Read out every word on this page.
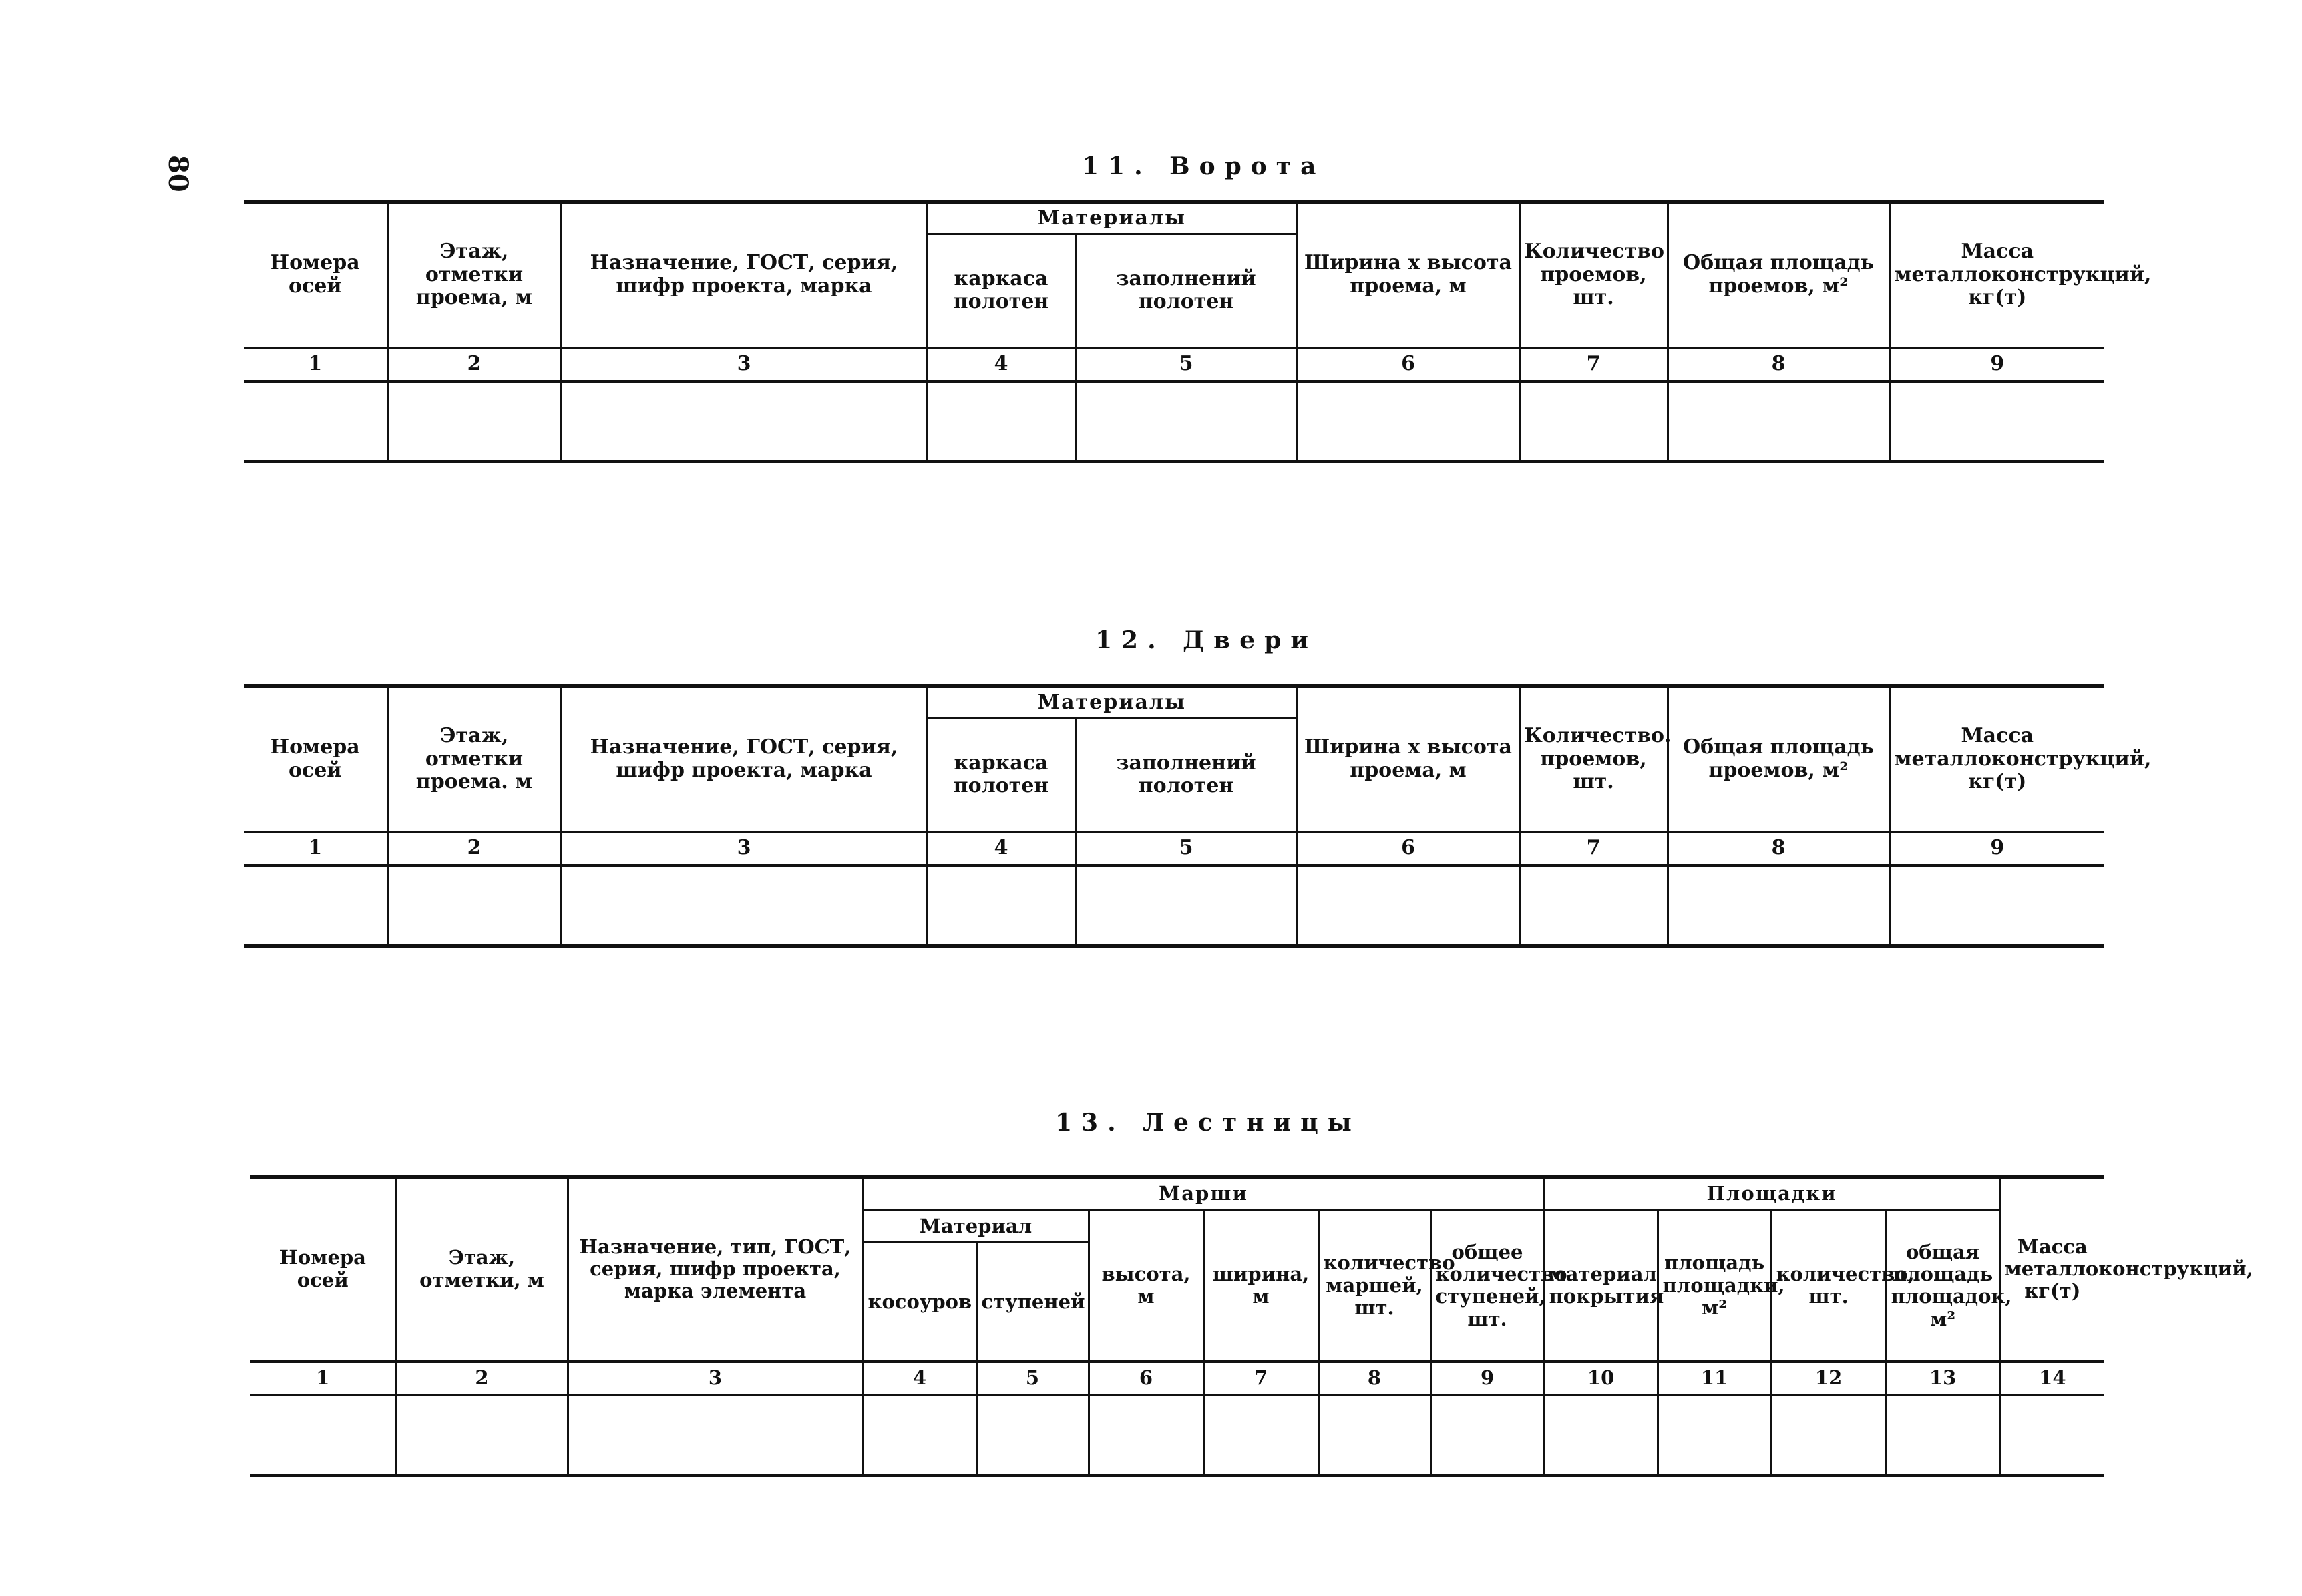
80	11. Ворота
Номера осей	Этаж, отметки проема, м	Назначение, ГОСТ, серия, шифр проекта, марка	Материалы		Ширина х высота проема, м	Количество проемов, шт.	Общая площадь проемов, м²	Масса металлоконструкций, кг(т)
			каркаса полотен	заполнений полотен				
1	2	3	4	5	6	7	8	9

12. Двери
Номера осей	Этаж, отметки проема. м	Назначение, ГОСТ, серия, шифр проекта, марка	Материалы		Ширина х высота проема, м	Количество. проемов, шт.	Общая площадь проемов, м²	Масса металлоконструкций, кг(т)
			каркаса полотен	заполнений полотен				
1	2	3	4	5	6	7	8	9

13. Лестницы
Номера осей	Этаж, отметки, м	Назначение, тип, ГОСТ, серия, шифр проекта, марка элемента	Марши						Площадки				Масса металлоконструкций, кг(т)
			Материал		высота, м	ширина, м	количество маршей, шт.	общее количество ступеней, шт.	материал покрытия	площадь площадки, м²	количество, шт.	общая площадь площадок, м²	
			косоуров	ступеней									
1	2	3	4	5	6	7	8	9	10	11	12	13	14
